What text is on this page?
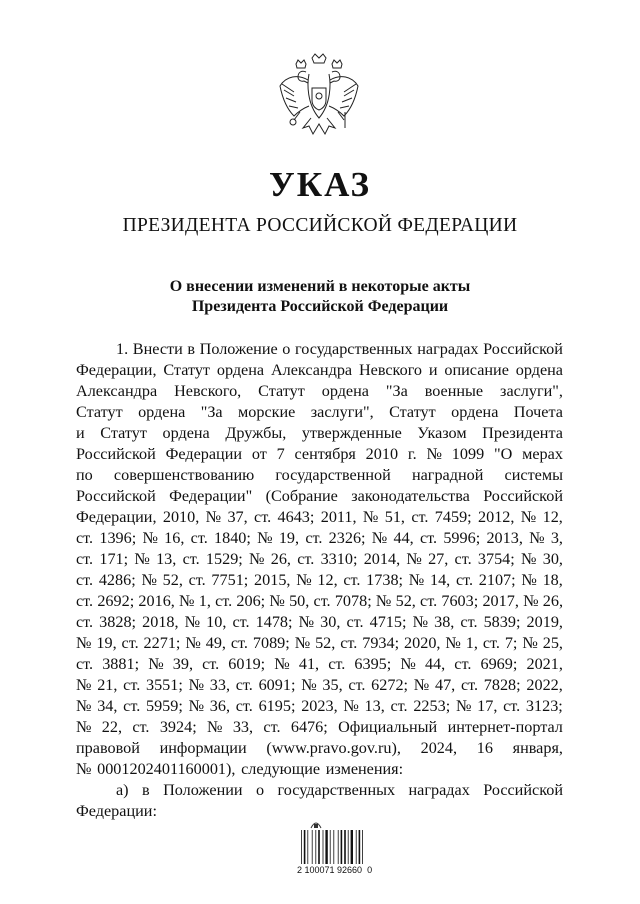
УКАЗ
ПРЕЗИДЕНТА РОССИЙСКОЙ ФЕДЕРАЦИИ
О внесении изменений в некоторые акты
Президента Российской Федерации
1. Внести в Положение о государственных наградах Российской
Федерации, Статут ордена Александра Невского и описание ордена
Александра Невского, Статут ордена "За военные заслуги",
Статут ордена "За морские заслуги", Статут ордена Почета
и Статут ордена Дружбы, утвержденные Указом Президента
Российской Федерации от 7 сентября 2010 г. № 1099 "О мерах
по совершенствованию государственной наградной системы
Российской Федерации" (Собрание законодательства Российской
Федерации, 2010, № 37, ст. 4643; 2011, № 51, ст. 7459; 2012, № 12,
ст. 1396; № 16, ст. 1840; № 19, ст. 2326; № 44, ст. 5996; 2013, № 3,
ст. 171; № 13, ст. 1529; № 26, ст. 3310; 2014, № 27, ст. 3754; № 30,
ст. 4286; № 52, ст. 7751; 2015, № 12, ст. 1738; № 14, ст. 2107; № 18,
ст. 2692; 2016, № 1, ст. 206; № 50, ст. 7078; № 52, ст. 7603; 2017, № 26,
ст. 3828; 2018, № 10, ст. 1478; № 30, ст. 4715; № 38, ст. 5839; 2019,
№ 19, ст. 2271; № 49, ст. 7089; № 52, ст. 7934; 2020, № 1, ст. 7; № 25,
ст. 3881; № 39, ст. 6019; № 41, ст. 6395; № 44, ст. 6969; 2021,
№ 21, ст. 3551; № 33, ст. 6091; № 35, ст. 6272; № 47, ст. 7828; 2022,
№ 34, ст. 5959; № 36, ст. 6195; 2023, № 13, ст. 2253; № 17, ст. 3123;
№ 22, ст. 3924; № 33, ст. 6476; Официальный интернет-портал
правовой информации (www.pravo.gov.ru), 2024, 16 января,
№ 0001202401160001), следующие изменения:
а) в Положении о государственных наградах Российской
Федерации:
2 100071 92660  0
